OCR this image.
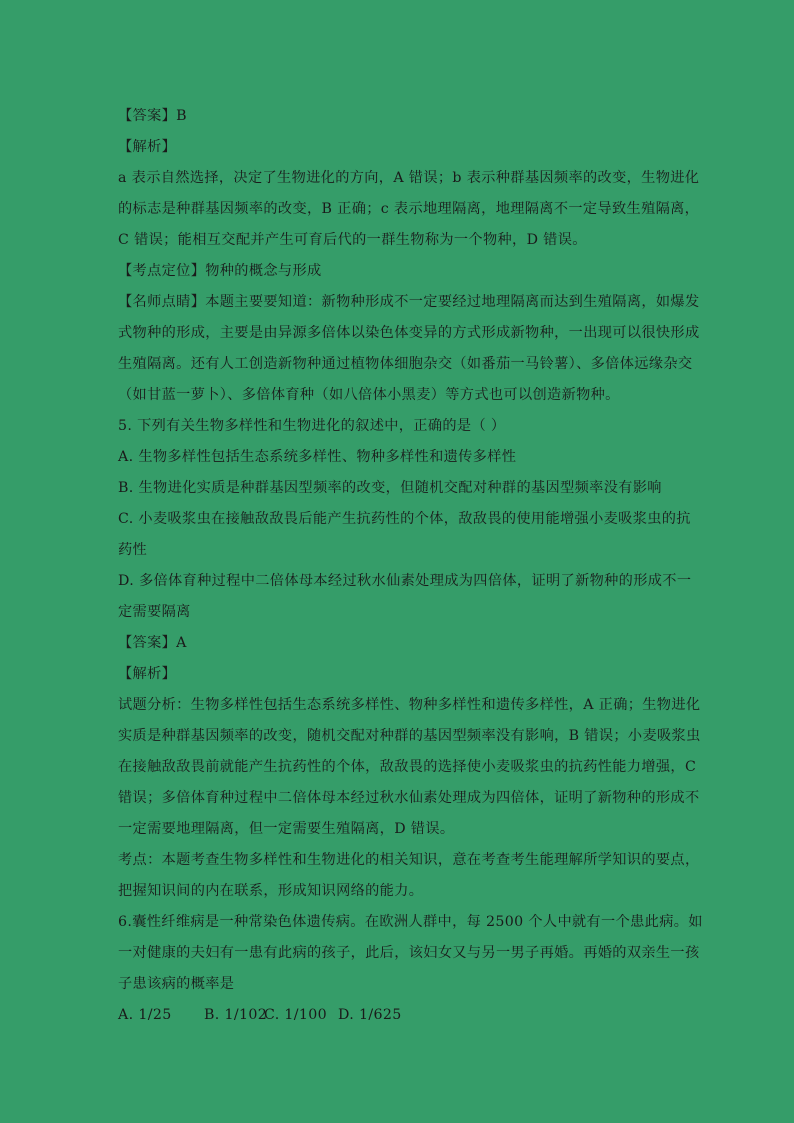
【答案】B
【解析】
a 表示自然选择，决定了生物进化的方向，A 错误；b 表示种群基因频率的改变，生物进化
的标志是种群基因频率的改变，B 正确；c 表示地理隔离，地理隔离不一定导致生殖隔离，
C 错误；能相互交配并产生可育后代的一群生物称为一个物种，D 错误。
【考点定位】物种的概念与形成
【名师点睛】本题主要要知道：新物种形成不一定要经过地理隔离而达到生殖隔离，如爆发
式物种的形成，主要是由异源多倍体以染色体变异的方式形成新物种，一出现可以很快形成
生殖隔离。还有人工创造新物种通过植物体细胞杂交（如番茄一马铃薯）、多倍体远缘杂交
（如甘蓝一萝卜）、多倍体育种（如八倍体小黑麦）等方式也可以创造新物种。
5. 下列有关生物多样性和生物进化的叙述中，正确的是（ ）
A. 生物多样性包括生态系统多样性、物种多样性和遗传多样性
B. 生物进化实质是种群基因型频率的改变，但随机交配对种群的基因型频率没有影响
C. 小麦吸浆虫在接触敌敌畏后能产生抗药性的个体，敌敌畏的使用能增强小麦吸浆虫的抗
药性
D. 多倍体育种过程中二倍体母本经过秋水仙素处理成为四倍体，证明了新物种的形成不一
定需要隔离
【答案】A
【解析】
试题分析：生物多样性包括生态系统多样性、物种多样性和遗传多样性，A 正确；生物进化
实质是种群基因频率的改变，随机交配对种群的基因型频率没有影响，B 错误；小麦吸浆虫
在接触敌敌畏前就能产生抗药性的个体，敌敌畏的选择使小麦吸浆虫的抗药性能力增强，C
错误；多倍体育种过程中二倍体母本经过秋水仙素处理成为四倍体，证明了新物种的形成不
一定需要地理隔离，但一定需要生殖隔离，D 错误。
考点：本题考查生物多样性和生物进化的相关知识，意在考查考生能理解所学知识的要点，
把握知识间的内在联系，形成知识网络的能力。
6.囊性纤维病是一种常染色体遗传病。在欧洲人群中，每 2500 个人中就有一个患此病。如
一对健康的夫妇有一患有此病的孩子，此后，该妇女又与另一男子再婚。再婚的双亲生一孩
子患该病的概率是
A. 1/25 B. 1/102C. 1/100 D. 1/625
